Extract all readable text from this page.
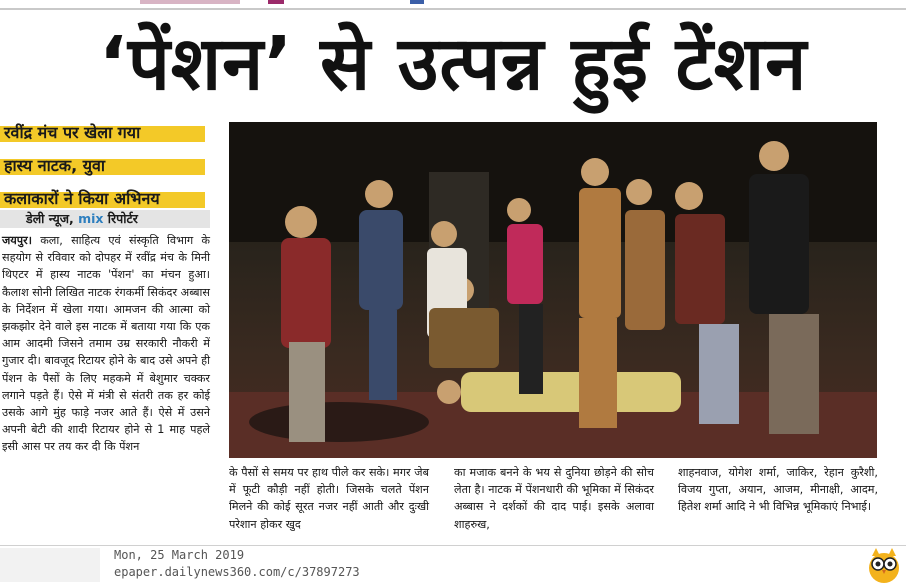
‘पेंशन’ से उत्पन्न हुई टेंशन
रवींद्र मंच पर खेला गया
हास्य नाटक, युवा
कलाकारों ने किया अभिनय
डेली न्यूज, mix रिपोर्टर
जयपुर। कला, साहित्य एवं संस्कृति विभाग के सहयोग से रविवार को दोपहर में रवींद्र मंच के मिनी थिएटर में हास्य नाटक 'पेंशन' का मंचन हुआ। कैलाश सोनी लिखित नाटक रंगकर्मी सिकंदर अब्बास के निर्देशन में खेला गया। आमजन की आत्मा को झकझोर देने वाले इस नाटक में बताया गया कि एक आम आदमी जिसने तमाम उम्र सरकारी नौकरी में गुजार दी। बावजूद रिटायर होने के बाद उसे अपने ही पेंशन के पैसों के लिए महकमे में बेशुमार चक्कर लगाने पड़ते हैं। ऐसे में मंत्री से संतरी तक हर कोई उसके आगे मुंह फाड़े नजर आते हैं। ऐसे में उसने अपनी बेटी की शादी रिटायर होने से 1 माह पहले इसी आस पर तय कर दी कि पेंशन
के पैसों से समय पर हाथ पीले कर सके। मगर जेब में फूटी कौड़ी नहीं होती। जिसके चलते पेंशन मिलने की कोई सूरत नजर नहीं आती और दुःखी परेशान होकर खुद
का मजाक बनने के भय से दुनिया छोड़ने की सोच लेता है। नाटक में पेंशनधारी की भूमिका में सिकंदर अब्बास ने दर्शकों की दाद पाई। इसके अलावा शाहरुख,
शाहनवाज, योगेश शर्मा, जाकिर, रेहान कुरैशी, विजय गुप्ता, अयान, आजम, मीनाक्षी, आदम, हितेश शर्मा आदि ने भी विभिन्न भूमिकाएं निभाई।
Mon, 25 March 2019
epaper.dailynews360.com/c/37897273
